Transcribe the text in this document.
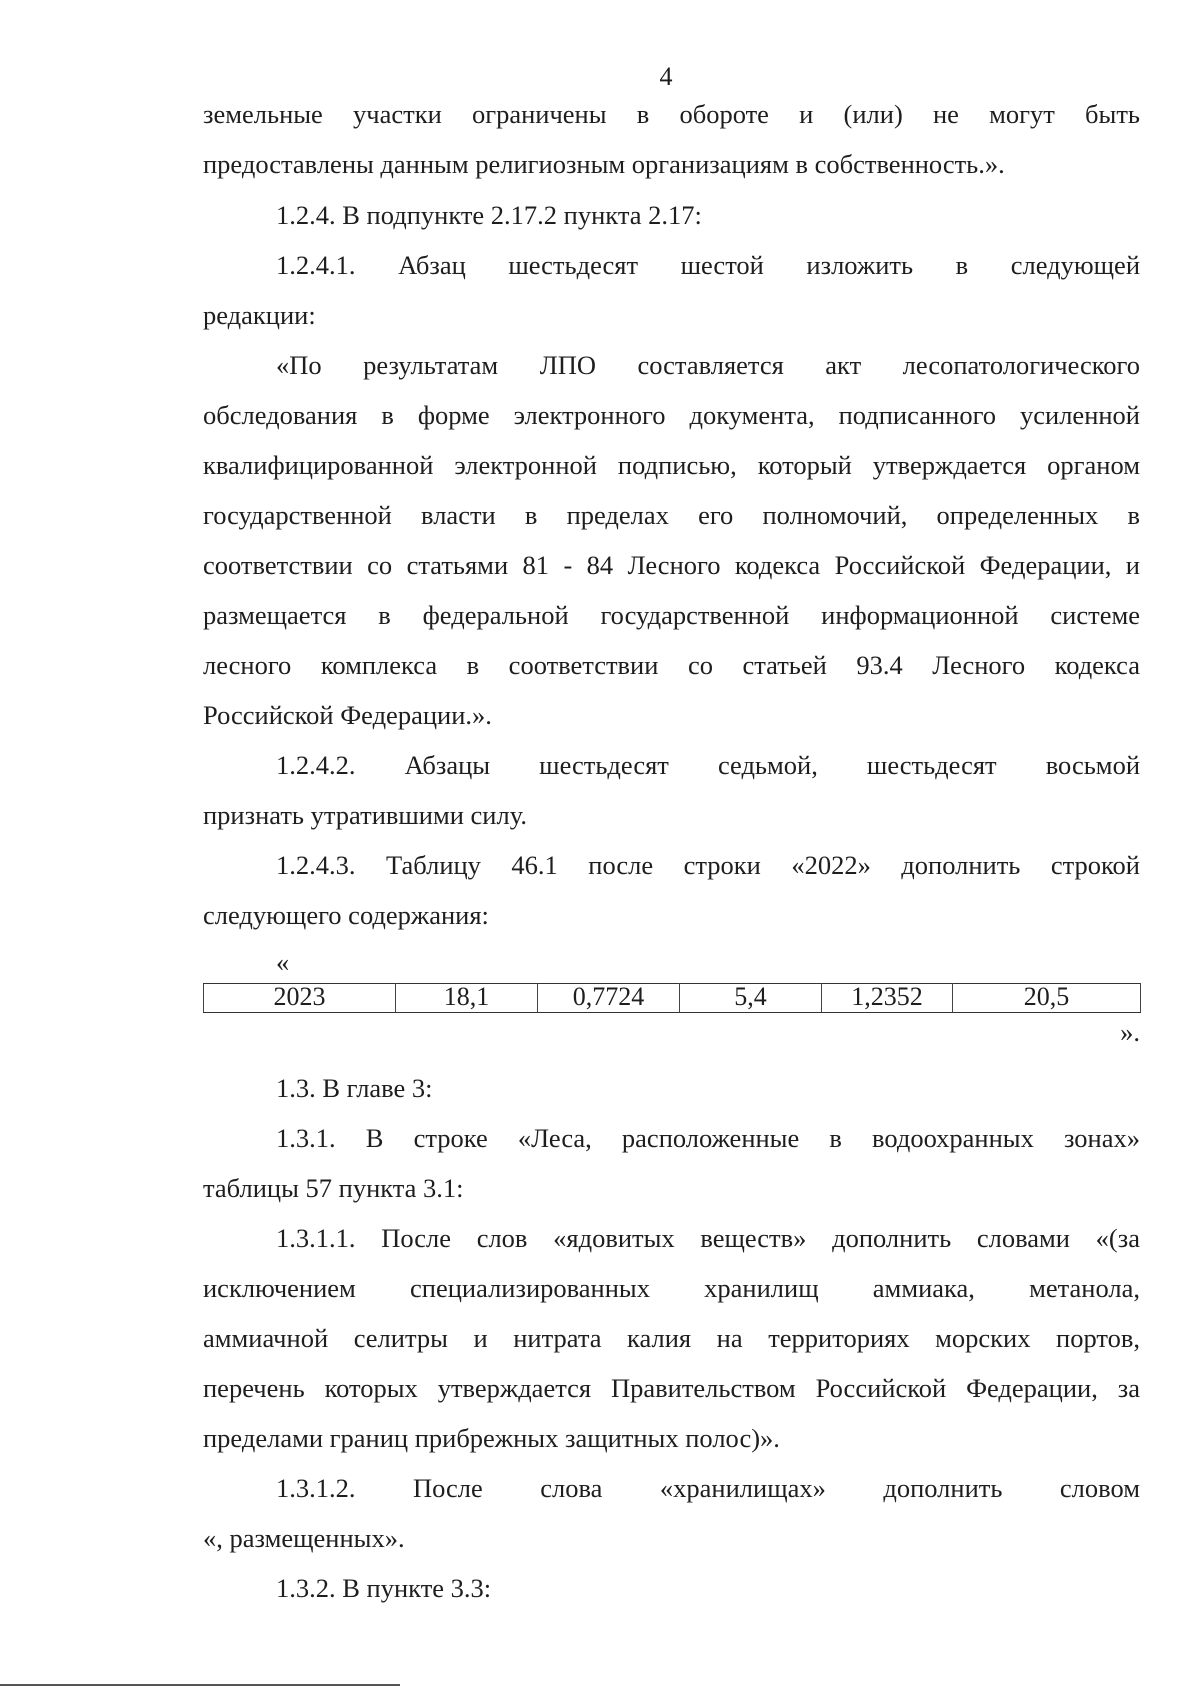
4
земельные участки ограничены в обороте и (или) не могут быть
предоставлены данным религиозным организациям в собственность.».
1.2.4. В подпункте 2.17.2 пункта 2.17:
1.2.4.1. Абзац шестьдесят шестой изложить в следующей
редакции:
«По результатам ЛПО составляется акт лесопатологического
обследования в форме электронного документа, подписанного усиленной
квалифицированной электронной подписью, который утверждается органом
государственной власти в пределах его полномочий, определенных в
соответствии со статьями 81 - 84 Лесного кодекса Российской Федерации, и
размещается в федеральной государственной информационной системе
лесного комплекса в соответствии со статьей 93.4 Лесного кодекса
Российской Федерации.».
1.2.4.2. Абзацы шестьдесят седьмой, шестьдесят восьмой
признать утратившими силу.
1.2.4.3. Таблицу 46.1 после строки «2022» дополнить строкой
следующего содержания:
«
2023	18,1	0,7724	5,4	1,2352	20,5
».
1.3. В главе 3:
1.3.1. В строке «Леса, расположенные в водоохранных зонах»
таблицы 57 пункта 3.1:
1.3.1.1. После слов «ядовитых веществ» дополнить словами «(за
исключением специализированных хранилищ аммиака, метанола,
аммиачной селитры и нитрата калия на территориях морских портов,
перечень которых утверждается Правительством Российской Федерации, за
пределами границ прибрежных защитных полос)».
1.3.1.2. После слова «хранилищах» дополнить словом
«, размещенных».
1.3.2. В пункте 3.3:
